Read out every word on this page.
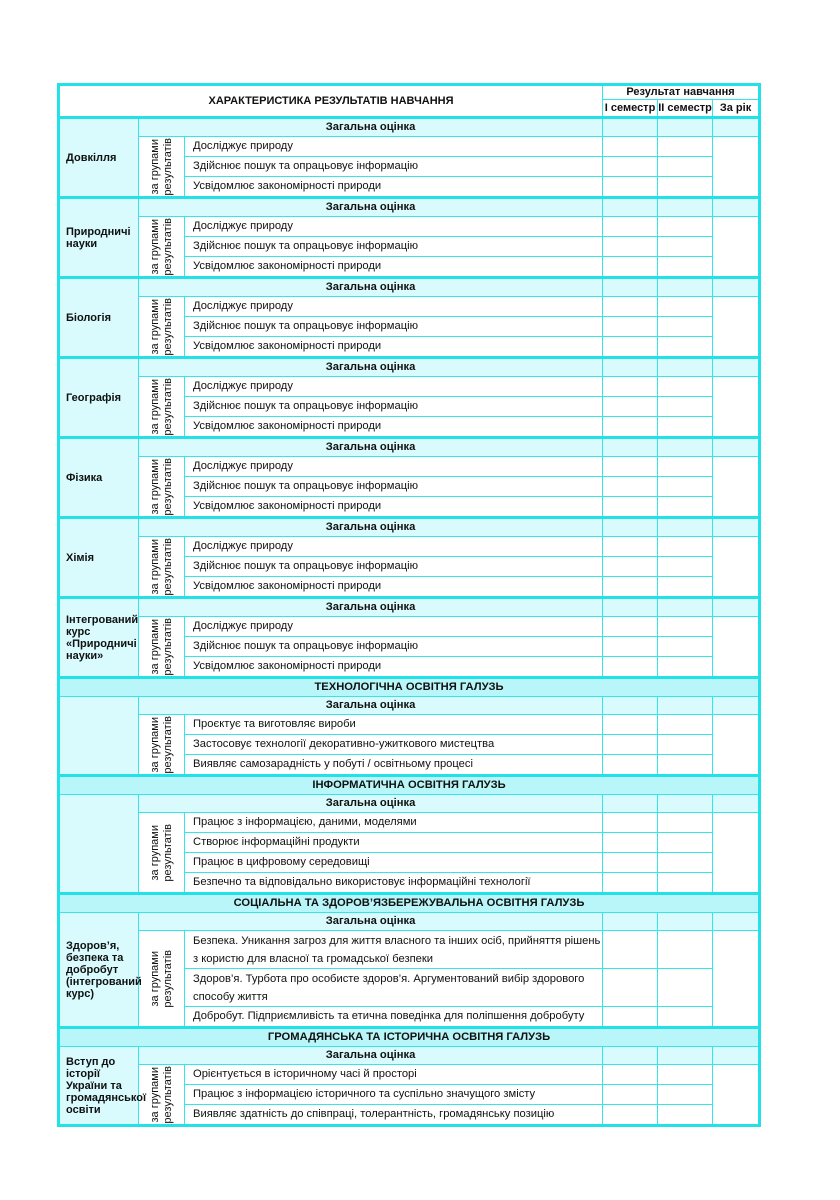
ХАРАКТЕРИСТИКА РЕЗУЛЬТАТІВ НАВЧАННЯ			Результат навчання		
			І семестр	ІІ семестр	За рік
Довкілля	Загальна оцінка				

	за групами результатів	Досліджує природу			
		Здійснює пошук та опрацьовує інформацію			
		Усвідомлює закономірності природи			
Природничі науки	Загальна оцінка				

	за групами результатів	Досліджує природу			
		Здійснює пошук та опрацьовує інформацію			
		Усвідомлює закономірності природи			
Біологія	Загальна оцінка				

	за групами результатів	Досліджує природу			
		Здійснює пошук та опрацьовує інформацію			
		Усвідомлює закономірності природи			
Географія	Загальна оцінка				

	за групами результатів	Досліджує природу			
		Здійснює пошук та опрацьовує інформацію			
		Усвідомлює закономірності природи			
Фізика	Загальна оцінка				

	за групами результатів	Досліджує природу			
		Здійснює пошук та опрацьовує інформацію			
		Усвідомлює закономірності природи			
Хімія	Загальна оцінка				

	за групами результатів	Досліджує природу			
		Здійснює пошук та опрацьовує інформацію			
		Усвідомлює закономірності природи			
Інтегрований курс «Природничі науки»	Загальна оцінка				

	за групами результатів	Досліджує природу			
		Здійснює пошук та опрацьовує інформацію			
		Усвідомлює закономірності природи			
ТЕХНОЛОГІЧНА ОСВІТНЯ ГАЛУЗЬ					
	Загальна оцінка				

	за групами результатів	Проєктує та виготовляє вироби			
		Застосовує технології декоративно-ужиткового мистецтва			
		Виявляє самозарадність у побуті / освітньому процесі			
ІНФОРМАТИЧНА ОСВІТНЯ ГАЛУЗЬ					
	Загальна оцінка				

	за групами результатів	Працює з інформацією, даними, моделями			
		Створює інформаційні продукти			
		Працює в цифровому середовищі			
		Безпечно та відповідально використовує інформаційні технології			
СОЦІАЛЬНА ТА ЗДОРОВ’ЯЗБЕРЕЖУВАЛЬНА ОСВІТНЯ ГАЛУЗЬ					
Здоров’я, безпека та добробут (інтегрований курс)	Загальна оцінка				

	за групами результатів	Безпека. Уникання загроз для життя власного та інших осіб, прийняття рішень з користю для власної та громадської безпеки			
		Здоров’я. Турбота про особисте здоров’я. Аргументований вибір здорового способу життя			
		Добробут. Підприємливість та етична поведінка для поліпшення добробуту			
ГРОМАДЯНСЬКА ТА ІСТОРИЧНА ОСВІТНЯ ГАЛУЗЬ					
Вступ до історії України та громадянської освіти	Загальна оцінка				

	за групами результатів	Орієнтується в історичному часі й просторі			
		Працює з інформацією історичного та суспільно значущого змісту			
		Виявляє здатність до співпраці, толерантність, громадянську позицію			
